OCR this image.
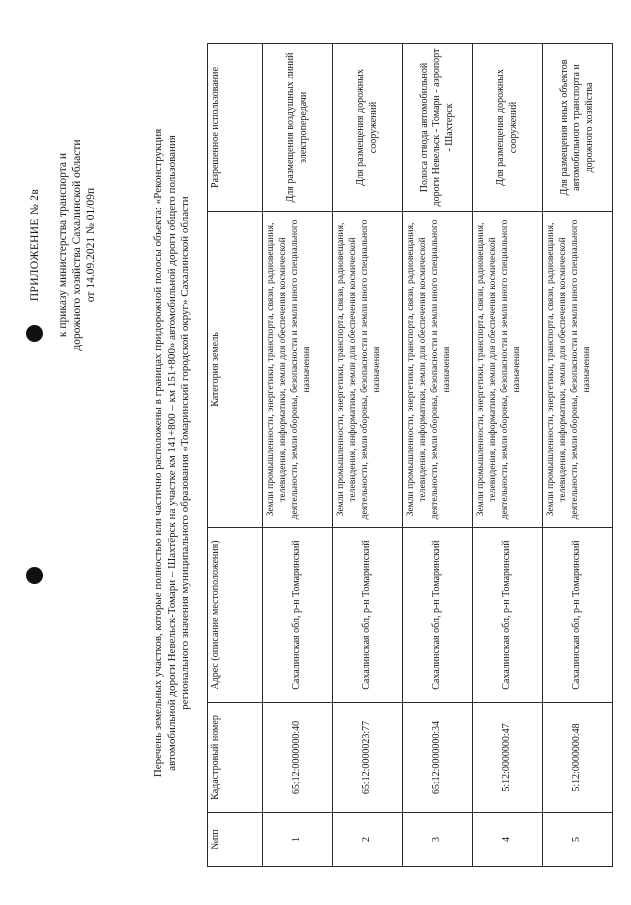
ПРИЛОЖЕНИЕ № 2в к приказу министерства транспорта и дорожного хозяйства Сахалинской области от 14.09.2021 № 01/09п	Перечень земельных участков, которые полностью или частично расположены в границах придорожной полосы объекта: «Реконструкция автомобильной дороги Невельск-Томари – Шахтёрск на участке км 141+800 – км 151+800» автомобильной дороги общего пользования регионального значения муниципального образования «Томаринский городской округ» Сахалинской области
№пп	Кадастровый номер	Адрес (описание местоположения)	Категория земель	Разрешенное использование
1	65:12:0000000:40	Сахалинская обл, р-н Томаринский	Земли промышленности, энергетики, транспорта, связи, радиовещания, телевидения, информатики, земли для обеспечения космической деятельности, земли обороны, безопасности и земли иного специального назначения	Для размещения воздушных линий электропередачи
2	65:12:0000023:77	Сахалинская обл, р-н Томаринский	Земли промышленности, энергетики, транспорта, связи, радиовещания, телевидения, информатики, земли для обеспечения космической деятельности, земли обороны, безопасности и земли иного специального назначения	Для размещения дорожных сооружений
3	65:12:0000000:34	Сахалинская обл, р-н Томаринский	Земли промышленности, энергетики, транспорта, связи, радиовещания, телевидения, информатики, земли для обеспечения космической деятельности, земли обороны, безопасности и земли иного специального назначения	Полоса отвода автомобильной дороги Невельск - Томари - аэропорт - Шахтерск
4	5:12:0000000:47	Сахалинская обл, р-н Томаринский	Земли промышленности, энергетики, транспорта, связи, радиовещания, телевидения, информатики, земли для обеспечения космической деятельности, земли обороны, безопасности и земли иного специального назначения	Для размещения дорожных сооружений
5	5:12:0000000:48	Сахалинская обл, р-н Томаринский	Земли промышленности, энергетики, транспорта, связи, радиовещания, телевидения, информатики, земли для обеспечения космической деятельности, земли обороны, безопасности и земли иного специального назначения	Для размещения иных объектов автомобильного транспорта и дорожного хозяйства
